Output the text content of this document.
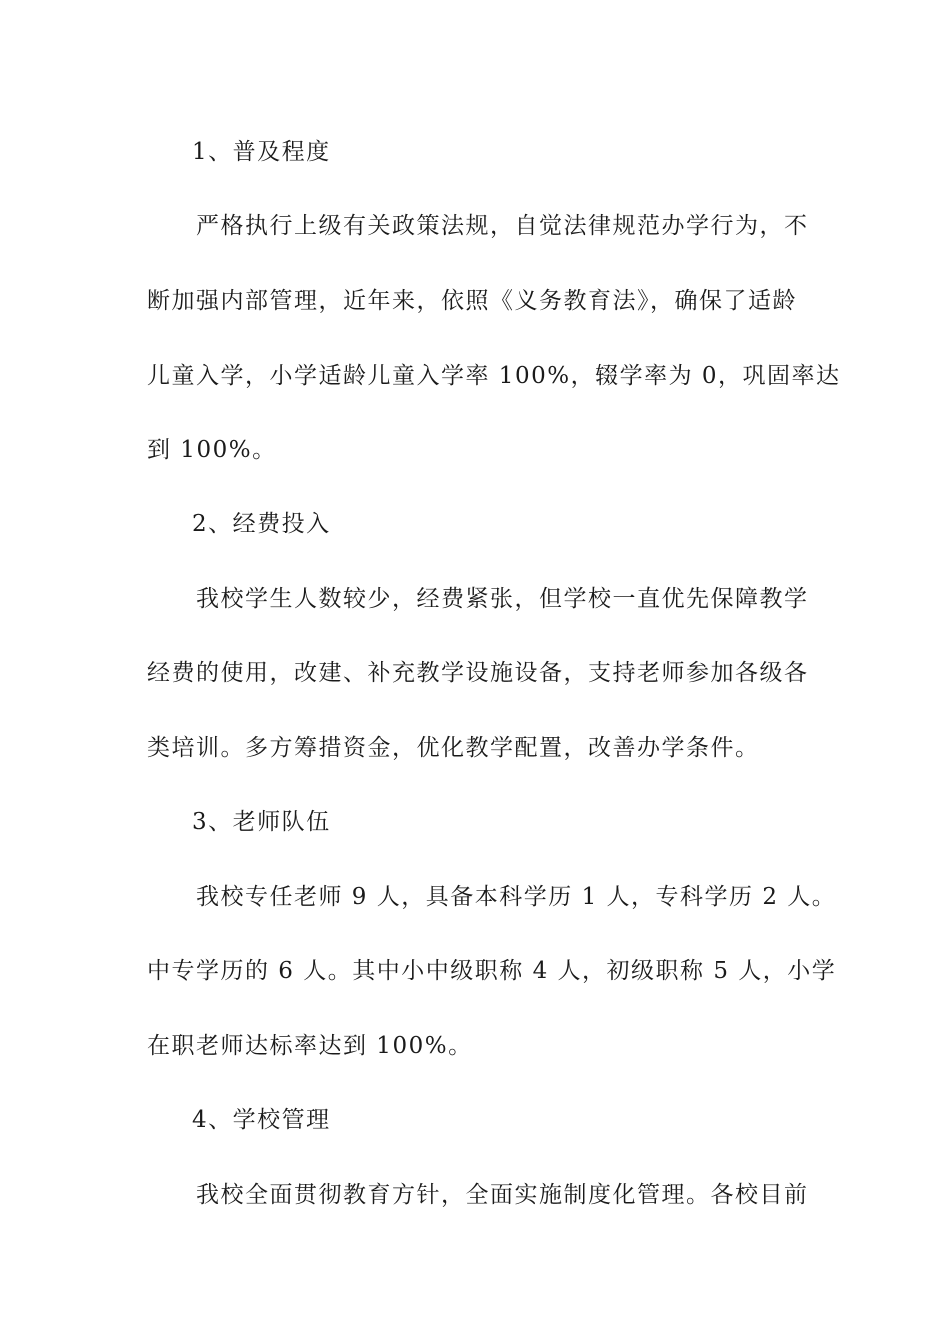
1、普及程度
严格执行上级有关政策法规，自觉法律规范办学行为，不
断加强内部管理，近年来，依照《义务教育法》，确保了适龄
儿童入学，小学适龄儿童入学率 100%，辍学率为 0，巩固率达
到 100%。
2、经费投入
我校学生人数较少，经费紧张，但学校一直优先保障教学
经费的使用，改建、补充教学设施设备，支持老师参加各级各
类培训。多方筹措资金，优化教学配置，改善办学条件。
3、老师队伍
我校专任老师 9 人，具备本科学历 1 人，专科学历 2 人。
中专学历的 6 人。其中小中级职称 4 人，初级职称 5 人，小学
在职老师达标率达到 100%。
4、学校管理
我校全面贯彻教育方针，全面实施制度化管理。各校目前
